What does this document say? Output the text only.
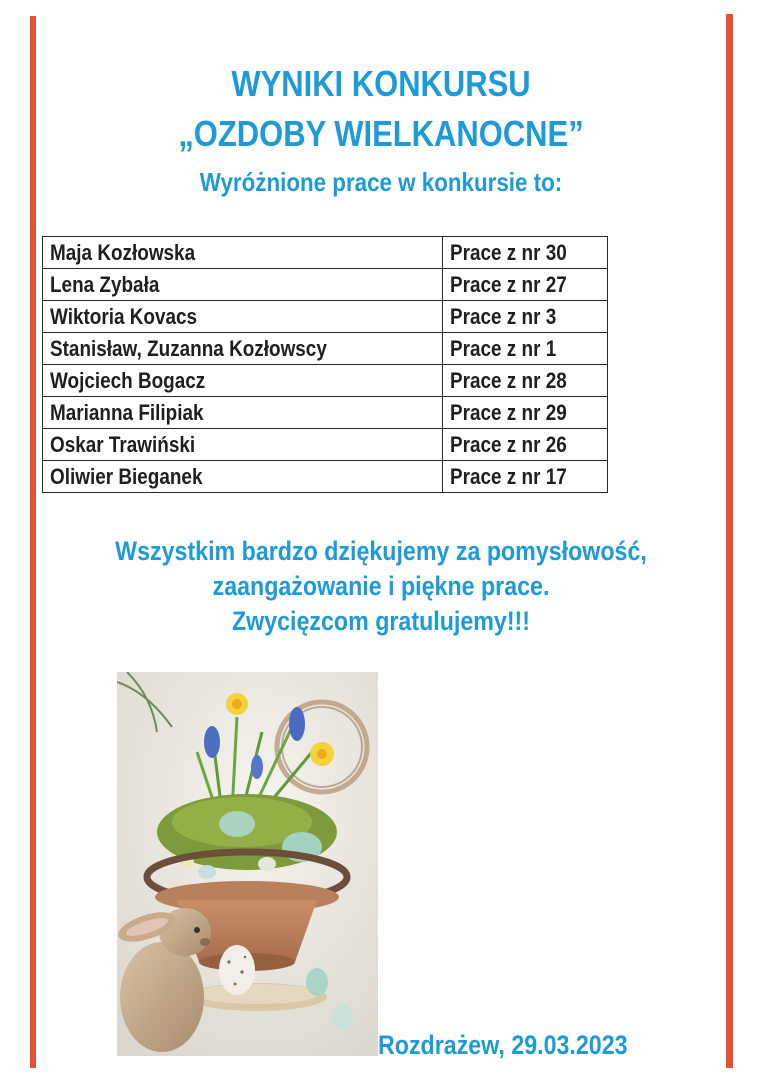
WYNIKI KONKURSU
„OZDOBY WIELKANOCNE”
Wyróżnione prace w konkursie to:
Maja Kozłowska	Prace z nr 30
Lena Zybała	Prace z nr 27
Wiktoria Kovacs	Prace z nr 3
Stanisław, Zuzanna Kozłowscy	Prace z nr 1
Wojciech Bogacz	Prace z nr 28
Marianna Filipiak	Prace z nr 29
Oskar Trawiński	Prace z nr 26
Oliwier Bieganek	Prace z nr 17

Wszystkim bardzo dziękujemy za pomysłowość,

zaangażowanie i piękne prace.

Zwycięzcom gratulujemy!!!

Rozdrażew, 29.03.2023
